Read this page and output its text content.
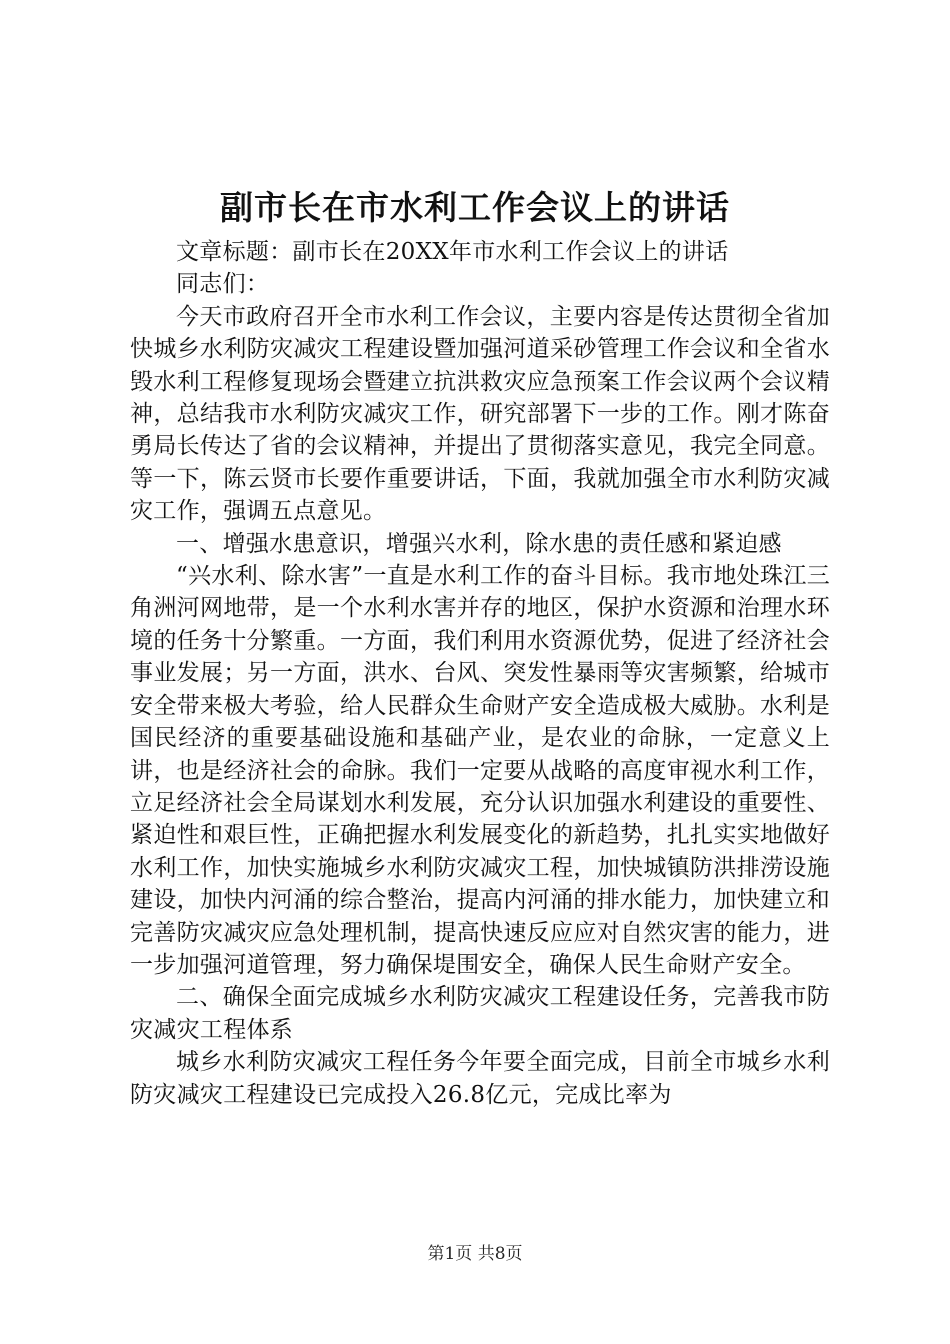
副市长在市水利工作会议上的讲话

文章标题：副市长在20XX年市水利工作会议上的讲话

同志们：

今天市政府召开全市水利工作会议，主要内容是传达贯彻全省加快城乡水利防灾减灾工程建设暨加强河道采砂管理工作会议和全省水毁水利工程修复现场会暨建立抗洪救灾应急预案工作会议两个会议精神，总结我市水利防灾减灾工作，研究部署下一步的工作。刚才陈奋勇局长传达了省的会议精神，并提出了贯彻落实意见，我完全同意。等一下，陈云贤市长要作重要讲话，下面，我就加强全市水利防灾减灾工作，强调五点意见。

一、增强水患意识，增强兴水利，除水患的责任感和紧迫感

“兴水利、除水害”一直是水利工作的奋斗目标。我市地处珠江三角洲河网地带，是一个水利水害并存的地区，保护水资源和治理水环境的任务十分繁重。一方面，我们利用水资源优势，促进了经济社会事业发展；另一方面，洪水、台风、突发性暴雨等灾害频繁，给城市安全带来极大考验，给人民群众生命财产安全造成极大威胁。水利是国民经济的重要基础设施和基础产业，是农业的命脉，一定意义上讲，也是经济社会的命脉。我们一定要从战略的高度审视水利工作，立足经济社会全局谋划水利发展，充分认识加强水利建设的重要性、紧迫性和艰巨性，正确把握水利发展变化的新趋势，扎扎实实地做好水利工作，加快实施城乡水利防灾减灾工程，加快城镇防洪排涝设施建设，加快内河涌的综合整治，提高内河涌的排水能力，加快建立和完善防灾减灾应急处理机制，提高快速反应应对自然灾害的能力，进一步加强河道管理，努力确保堤围安全，确保人民生命财产安全。

二、确保全面完成城乡水利防灾减灾工程建设任务，完善我市防灾减灾工程体系

城乡水利防灾减灾工程任务今年要全面完成，目前全市城乡水利防灾减灾工程建设已完成投入26.8亿元，完成比率为

第1页 共8页
